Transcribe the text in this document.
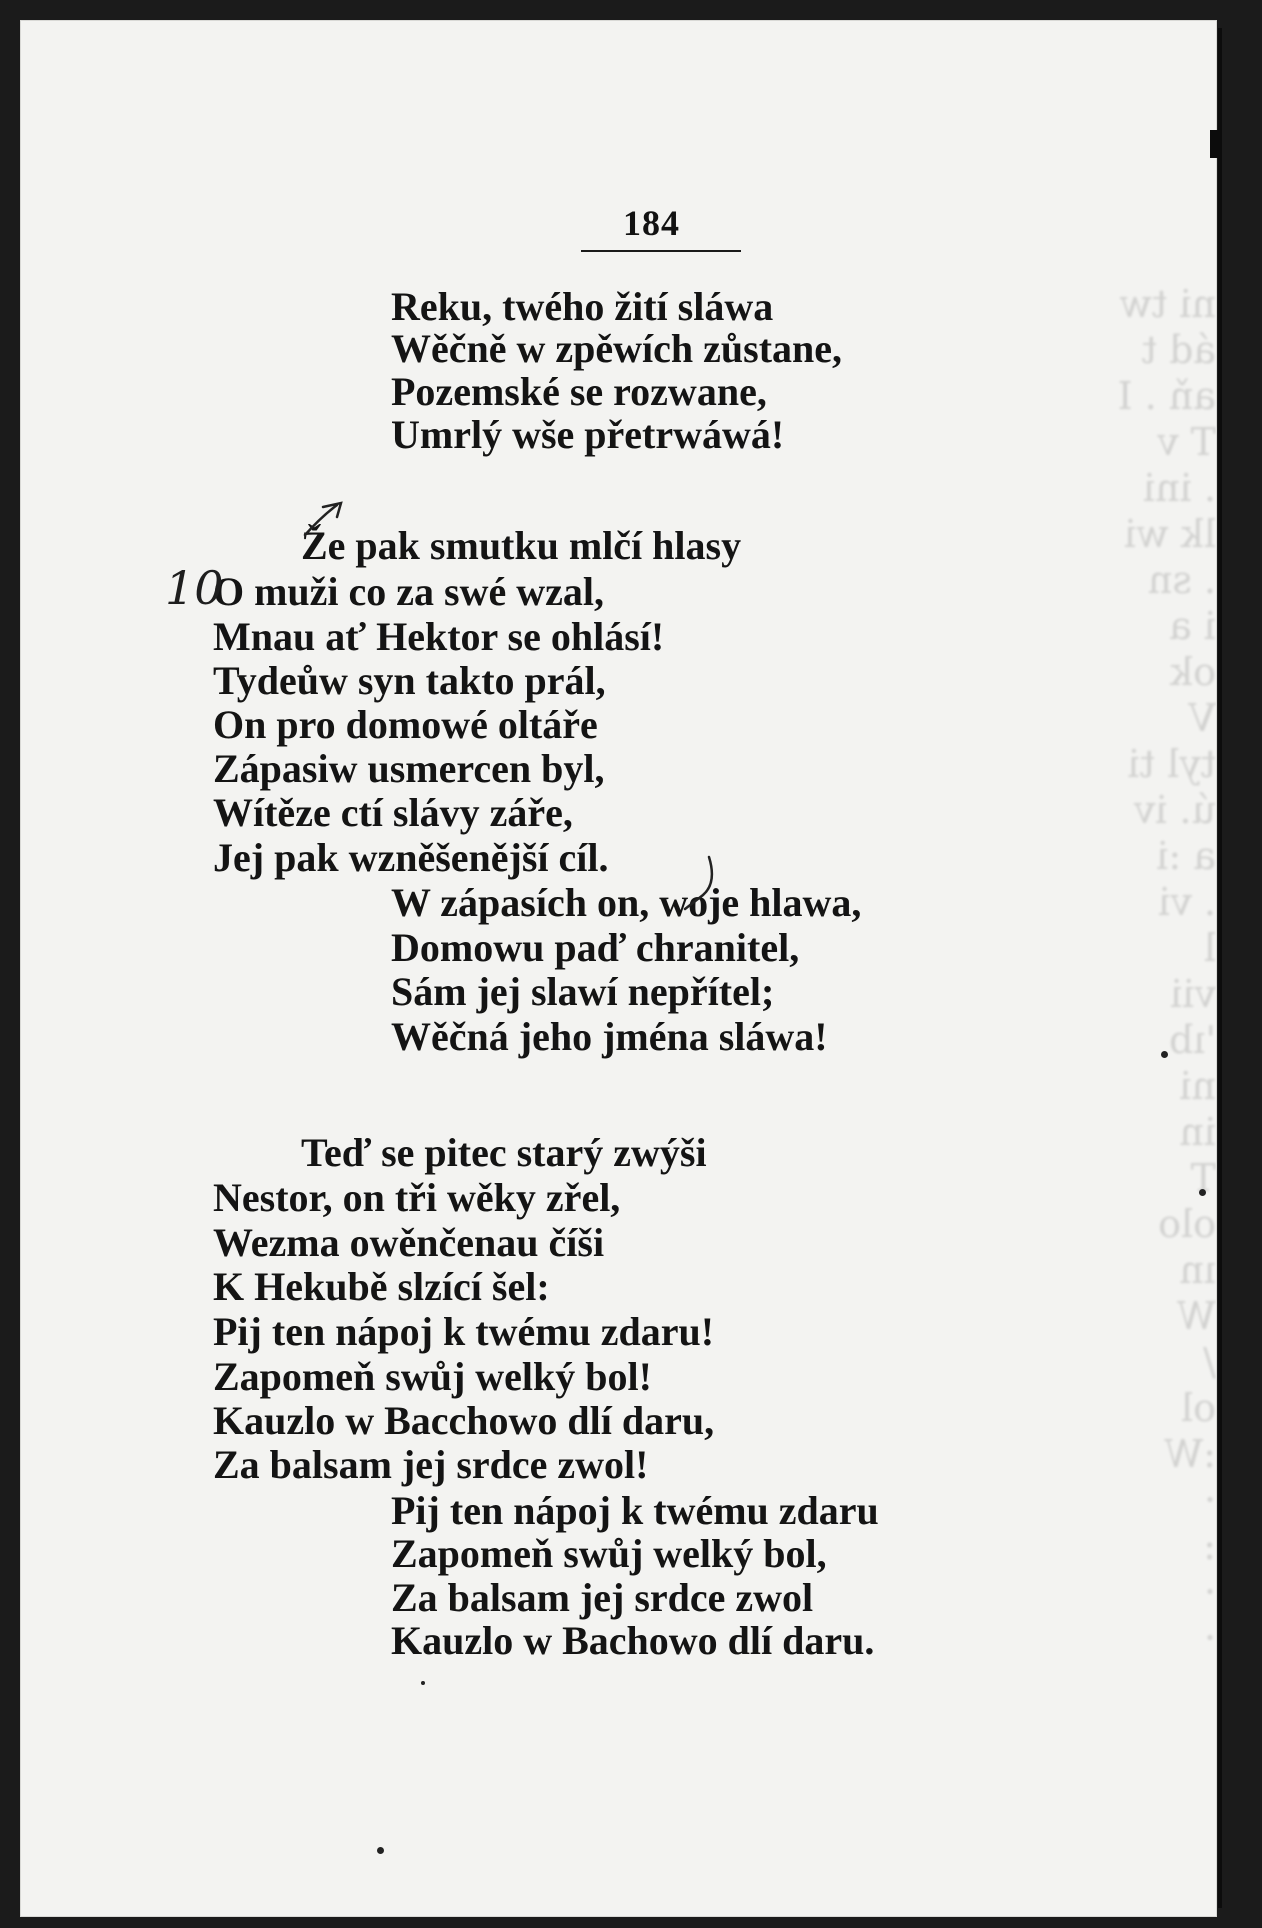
ni tw
ád t
aň . I
T v
. ini
lk wi
. sn
i a
ok
V
tyl ti
ú. iv
a :i
. vi
l
vii
'ıb
ni
in
T
olo
ın
W
/
ol
:W
·
:
·
·
184
Reku, twého žití sláwa
Wěčně w zpěwích zůstane,
Pozemské se rozwane,
Umrlý wše přetrwáwá!
Že pak smutku mlčí hlasy
O muži co za swé wzal,
Mnau ať Hektor se ohlásí!
Tydeůw syn takto prál,
On pro domowé oltáře
Zápasiw usmercen byl,
Wítěze ctí slávy záře,
Jej pak wzněšenější cíl.
W zápasích on, woje hlawa,
Domowu paď chranitel,
Sám jej slawí nepřítel;
Wěčná jeho jména sláwa!
Teď se pitec starý zwýši
Nestor, on tři wěky zřel,
Wezma owěnčenau číši
K Hekubě slzící šel:
Pij ten nápoj k twému zdaru!
Zapomeň swůj welký bol!
Kauzlo w Bacchowo dlí daru,
Za balsam jej srdce zwol!
Pij ten nápoj k twému zdaru
Zapomeň swůj welký bol,
Za balsam jej srdce zwol
Kauzlo w Bachowo dlí daru.
10
